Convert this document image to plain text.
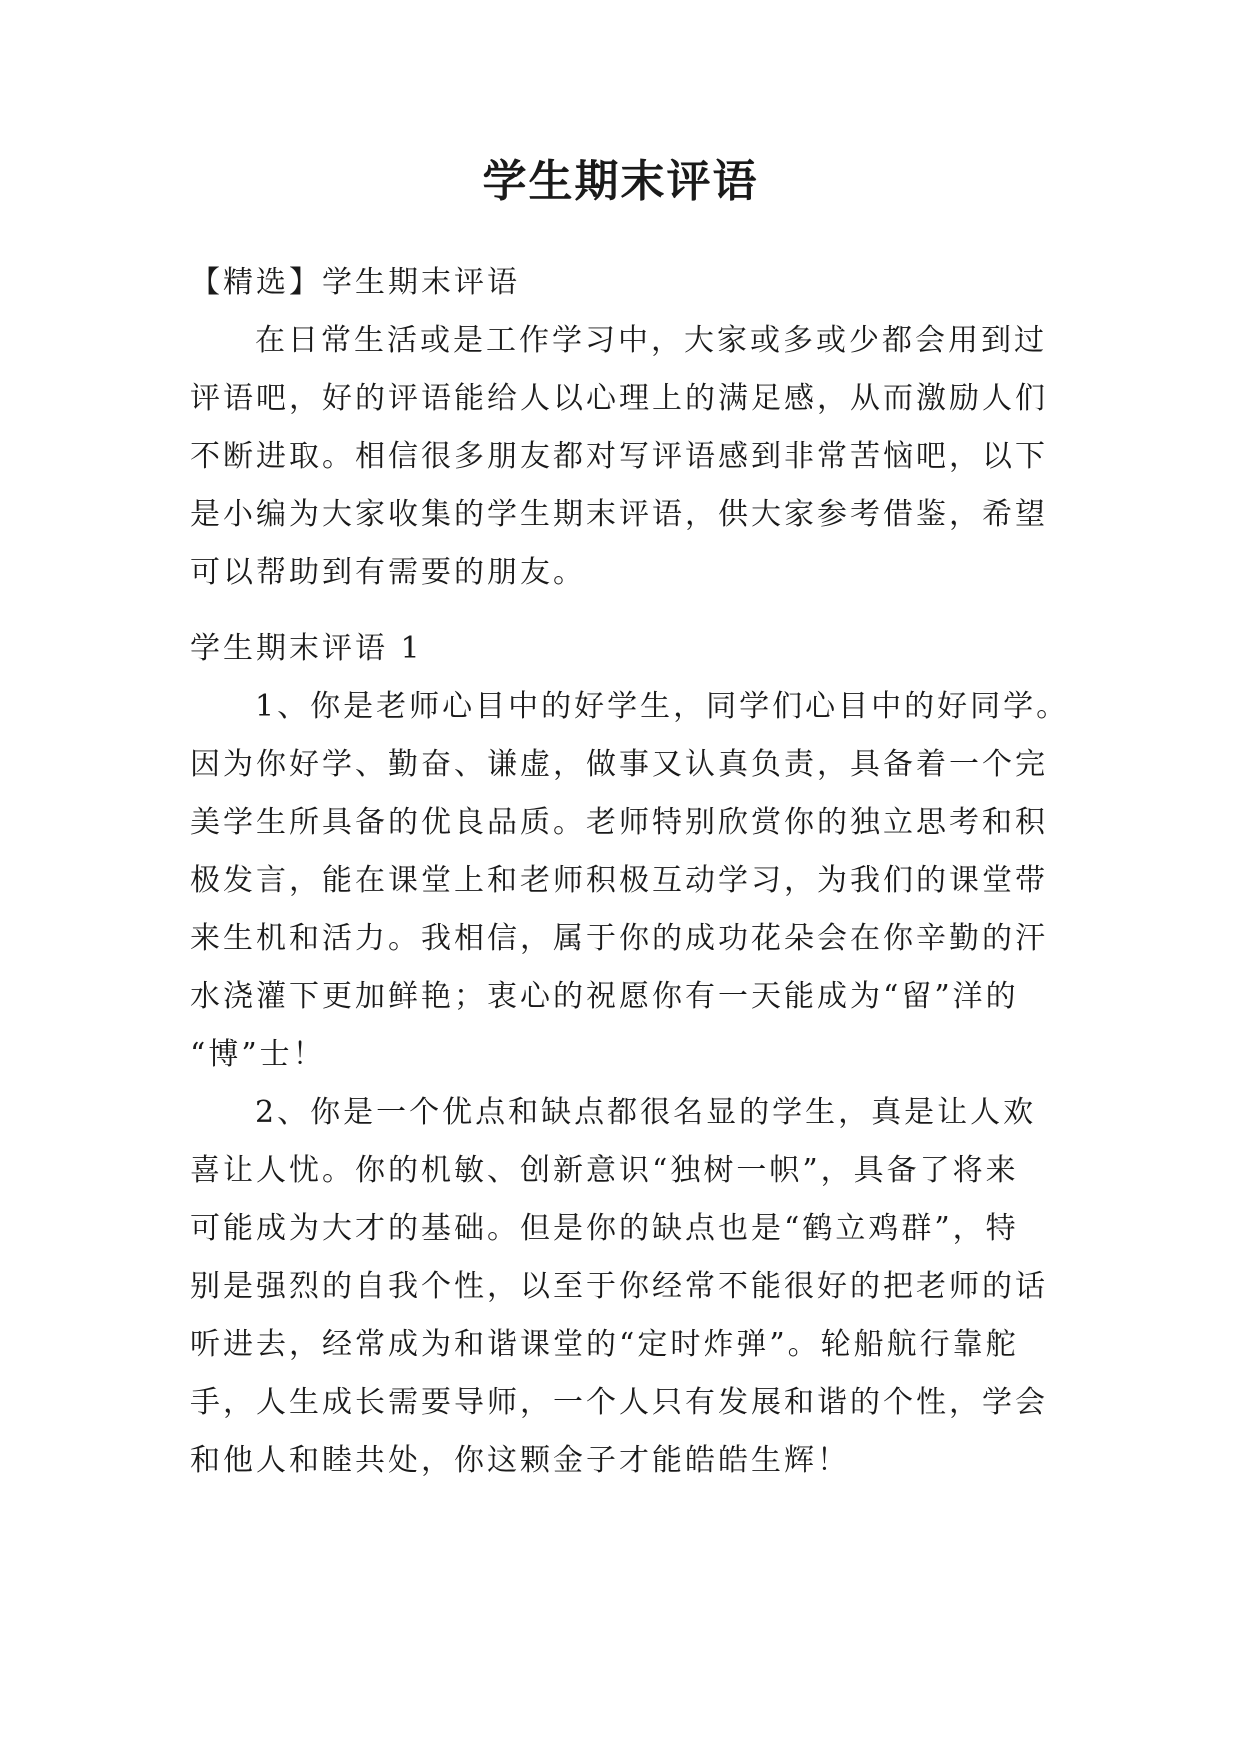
学生期末评语
【精选】学生期末评语
在日常生活或是工作学习中，大家或多或少都会用到过
评语吧，好的评语能给人以心理上的满足感，从而激励人们
不断进取。相信很多朋友都对写评语感到非常苦恼吧，以下
是小编为大家收集的学生期末评语，供大家参考借鉴，希望
可以帮助到有需要的朋友。
学生期末评语 1
1、你是老师心目中的好学生，同学们心目中的好同学。
因为你好学、勤奋、谦虚，做事又认真负责，具备着一个完
美学生所具备的优良品质。老师特别欣赏你的独立思考和积
极发言，能在课堂上和老师积极互动学习，为我们的课堂带
来生机和活力。我相信，属于你的成功花朵会在你辛勤的汗
水浇灌下更加鲜艳；衷心的祝愿你有一天能成为“留”洋的
“博”士！
2、你是一个优点和缺点都很名显的学生，真是让人欢
喜让人忧。你的机敏、创新意识“独树一帜”，具备了将来
可能成为大才的基础。但是你的缺点也是“鹤立鸡群”，特
别是强烈的自我个性，以至于你经常不能很好的把老师的话
听进去，经常成为和谐课堂的“定时炸弹”。轮船航行靠舵
手，人生成长需要导师，一个人只有发展和谐的个性，学会
和他人和睦共处，你这颗金子才能皓皓生辉！
